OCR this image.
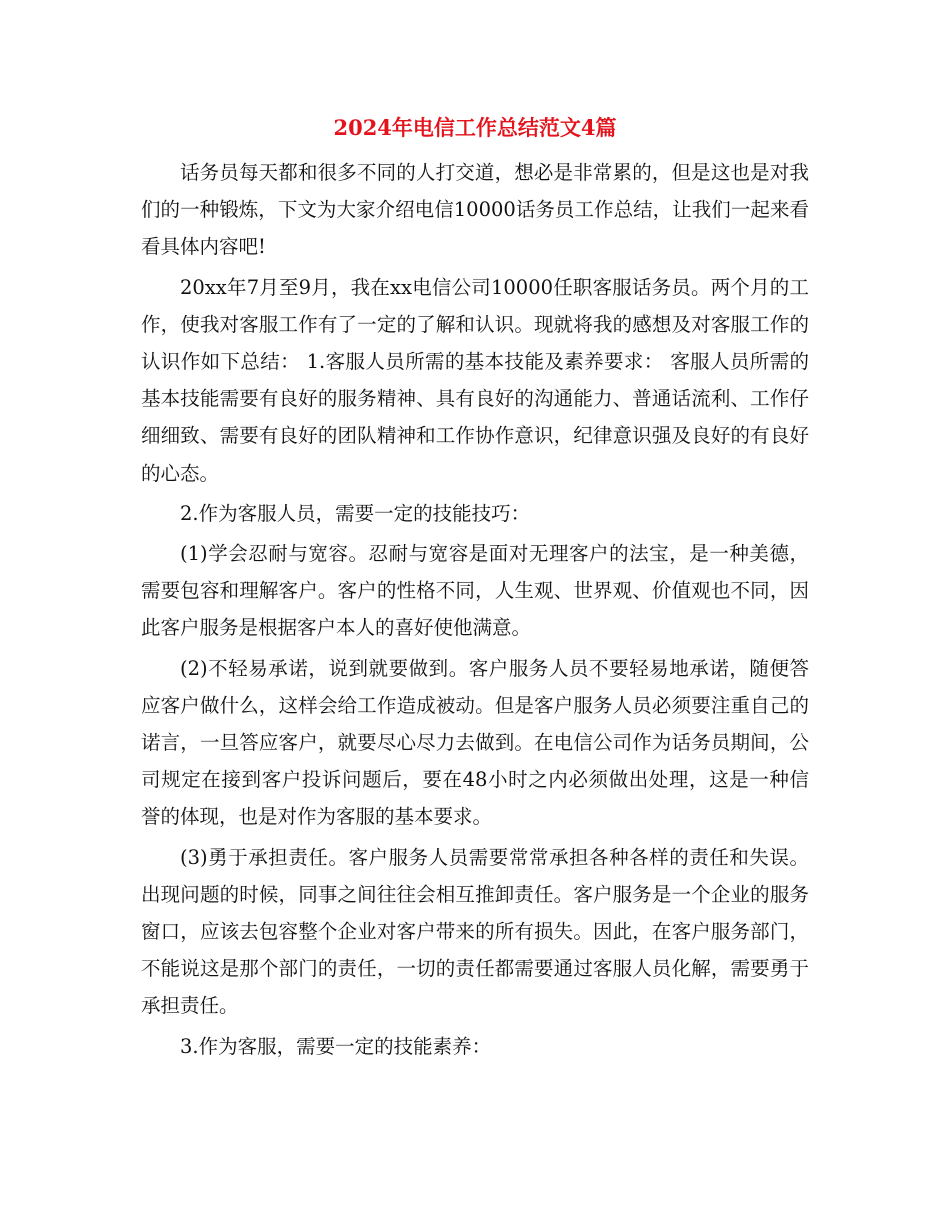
2024年电信工作总结范文4篇

话务员每天都和很多不同的人打交道，想必是非常累的，但是这也是对我们的一种锻炼，下文为大家介绍电信10000话务员工作总结，让我们一起来看看具体内容吧!

20xx年7月至9月，我在xx电信公司10000任职客服话务员。两个月的工作，使我对客服工作有了一定的了解和认识。现就将我的感想及对客服工作的认识作如下总结： 1.客服人员所需的基本技能及素养要求： 客服人员所需的基本技能需要有良好的服务精神、具有良好的沟通能力、普通话流利、工作仔细细致、需要有良好的团队精神和工作协作意识，纪律意识强及良好的有良好的心态。

2.作为客服人员，需要一定的技能技巧：

(1)学会忍耐与宽容。忍耐与宽容是面对无理客户的法宝，是一种美德，需要包容和理解客户。客户的性格不同，人生观、世界观、价值观也不同，因此客户服务是根据客户本人的喜好使他满意。

(2)不轻易承诺，说到就要做到。客户服务人员不要轻易地承诺，随便答应客户做什么，这样会给工作造成被动。但是客户服务人员必须要注重自己的诺言，一旦答应客户，就要尽心尽力去做到。在电信公司作为话务员期间，公司规定在接到客户投诉问题后，要在48小时之内必须做出处理，这是一种信誉的体现，也是对作为客服的基本要求。

(3)勇于承担责任。客户服务人员需要常常承担各种各样的责任和失误。出现问题的时候，同事之间往往会相互推卸责任。客户服务是一个企业的服务窗口，应该去包容整个企业对客户带来的所有损失。因此，在客户服务部门，不能说这是那个部门的责任，一切的责任都需要通过客服人员化解，需要勇于承担责任。

3.作为客服，需要一定的技能素养：
